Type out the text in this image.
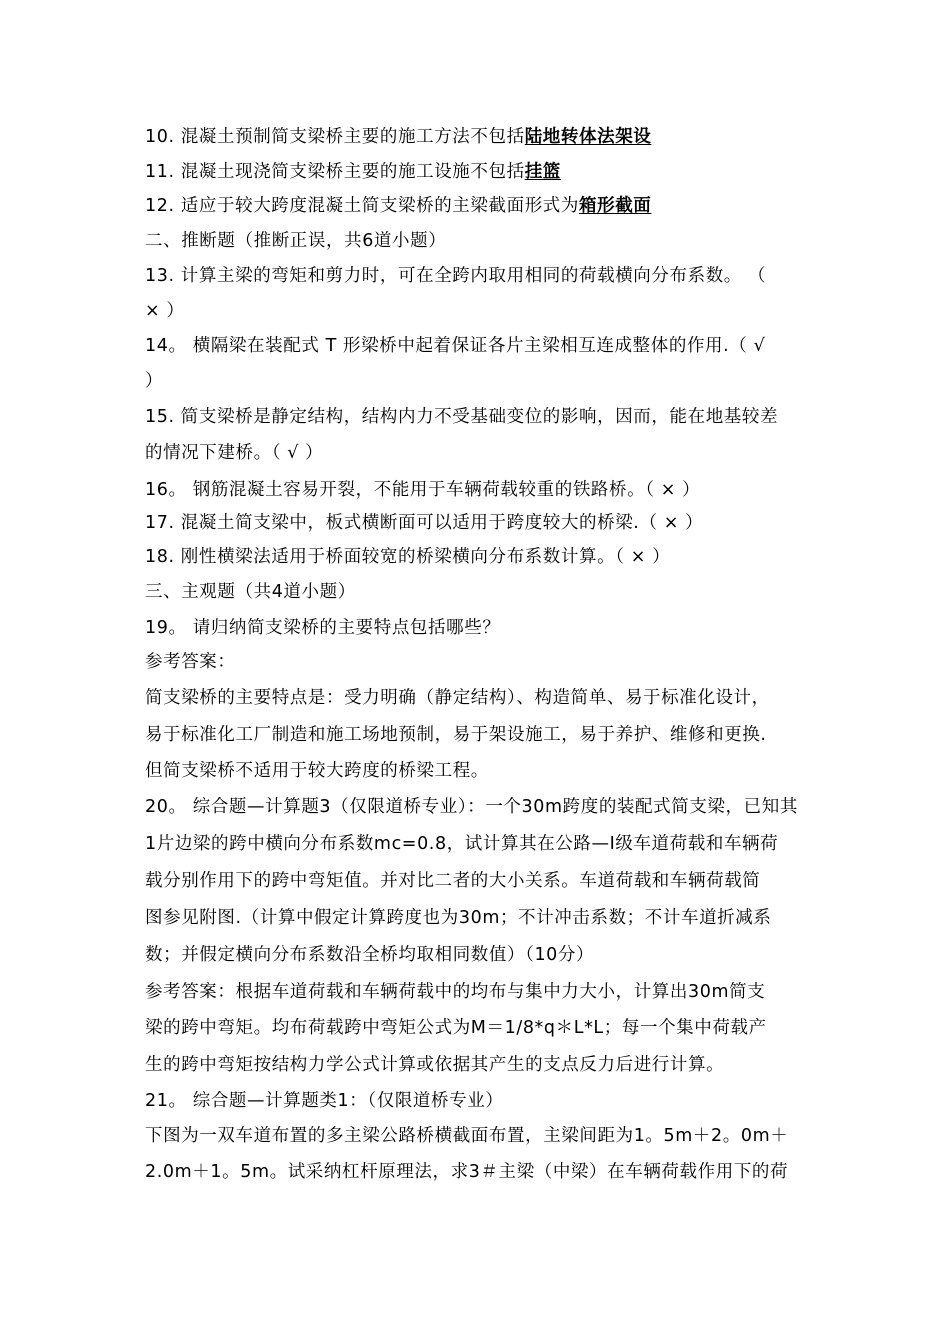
10. 混凝土预制简支梁桥主要的施工方法不包括陆地转体法架设
11. 混凝土现浇简支梁桥主要的施工设施不包括挂篮
12. 适应于较大跨度混凝土简支梁桥的主梁截面形式为箱形截面
二、推断题（推断正误，共6道小题）
13. 计算主梁的弯矩和剪力时，可在全跨内取用相同的荷载横向分布系数。 （
× ）
14。 横隔梁在装配式 T 形梁桥中起着保证各片主梁相互连成整体的作用.（ √
）
15. 简支梁桥是静定结构，结构内力不受基础变位的影响，因而，能在地基较差
的情况下建桥。（ √ ）
16。 钢筋混凝土容易开裂，不能用于车辆荷载较重的铁路桥。（ × ）
17. 混凝土简支梁中，板式横断面可以适用于跨度较大的桥梁.（ × ）
18. 刚性横梁法适用于桥面较宽的桥梁横向分布系数计算。（ × ）
三、主观题（共4道小题）
19。 请归纳简支梁桥的主要特点包括哪些？
参考答案：
简支梁桥的主要特点是：受力明确（静定结构）、构造简单、易于标准化设计，
易于标准化工厂制造和施工场地预制，易于架设施工，易于养护、维修和更换.
但简支梁桥不适用于较大跨度的桥梁工程。
20。 综合题—计算题3（仅限道桥专业）：一个30m跨度的装配式简支梁，已知其
1片边梁的跨中横向分布系数mc=0.8，试计算其在公路—Ⅰ级车道荷载和车辆荷
载分别作用下的跨中弯矩值。并对比二者的大小关系。车道荷载和车辆荷载简
图参见附图.（计算中假定计算跨度也为30m；不计冲击系数；不计车道折减系
数；并假定横向分布系数沿全桥均取相同数值）（10分）
参考答案：根据车道荷载和车辆荷载中的均布与集中力大小，计算出30m简支
梁的跨中弯矩。均布荷载跨中弯矩公式为M＝1/8*q＊L*L；每一个集中荷载产
生的跨中弯矩按结构力学公式计算或依据其产生的支点反力后进行计算。
21。 综合题—计算题类1：（仅限道桥专业）
下图为一双车道布置的多主梁公路桥横截面布置，主梁间距为1。5m＋2。0m＋
2.0m＋1。5m。试采纳杠杆原理法，求3＃主梁（中梁）在车辆荷载作用下的荷
